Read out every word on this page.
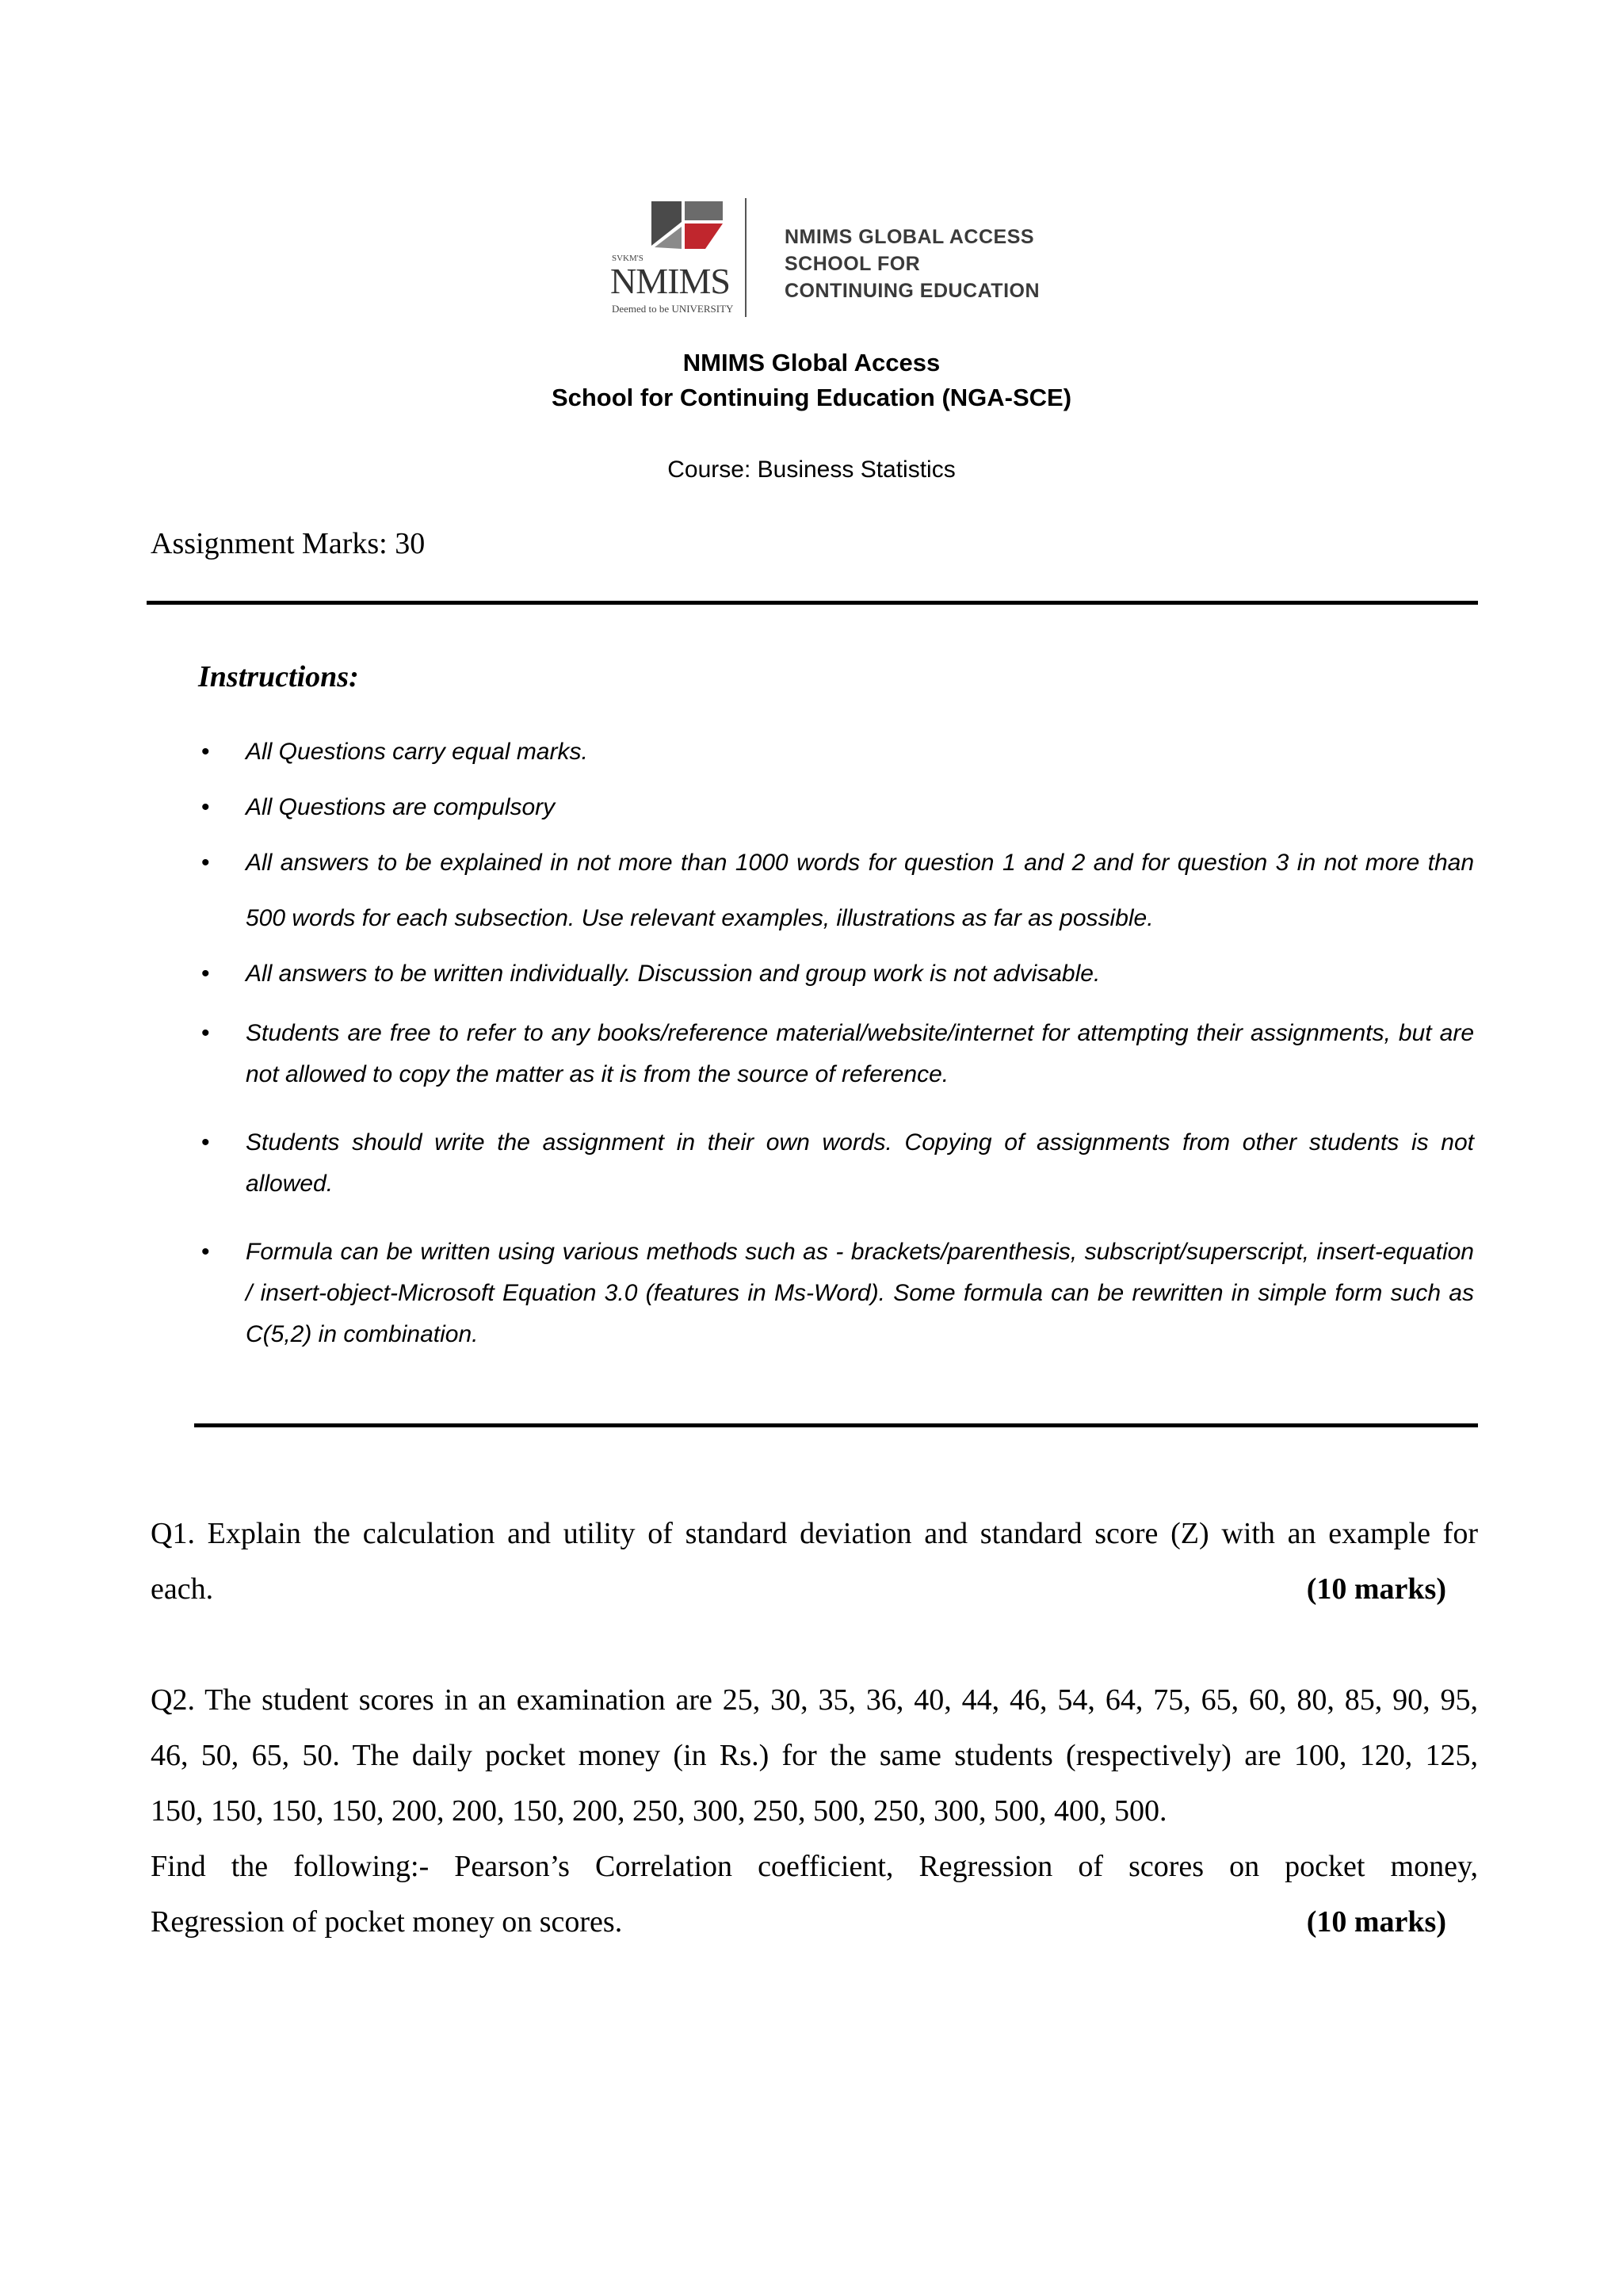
SVKM'S
NMIMS
Deemed to be UNIVERSITY
NMIMS GLOBAL ACCESS
SCHOOL FOR
CONTINUING EDUCATION
NMIMS Global Access
School for Continuing Education (NGA-SCE)
Course: Business Statistics
Assignment Marks: 30
Instructions:
• All Questions carry equal marks.
• All Questions are compulsory
• All answers to be explained in not more than 1000 words for question 1 and 2 and for question 3 in not more than 500 words for each subsection. Use relevant examples, illustrations as far as possible.
• All answers to be written individually. Discussion and group work is not advisable.
• Students are free to refer to any books/reference material/website/internet for attempting their assignments, but are not allowed to copy the matter as it is from the source of reference.
• Students should write the assignment in their own words. Copying of assignments from other students is not allowed.
• Formula can be written using various methods such as - brackets/parenthesis, subscript/superscript, insert-equation / insert-object-Microsoft Equation 3.0 (features in Ms-Word). Some formula can be rewritten in simple form such as C(5,2) in combination.
Q1. Explain the calculation and utility of standard deviation and standard score (Z) with an example for
each.	(10 marks)
Q2. The student scores in an examination are 25, 30, 35, 36, 40, 44, 46, 54, 64, 75, 65, 60, 80, 85, 90, 95,
46, 50, 65, 50. The daily pocket money (in Rs.) for the same students (respectively) are 100, 120, 125,
150, 150, 150, 150, 200, 200, 150, 200, 250, 300, 250, 500, 250, 300, 500, 400, 500.
Find the following:- Pearson’s Correlation coefficient, Regression of scores on pocket money,
Regression of pocket money on scores.	(10 marks)
